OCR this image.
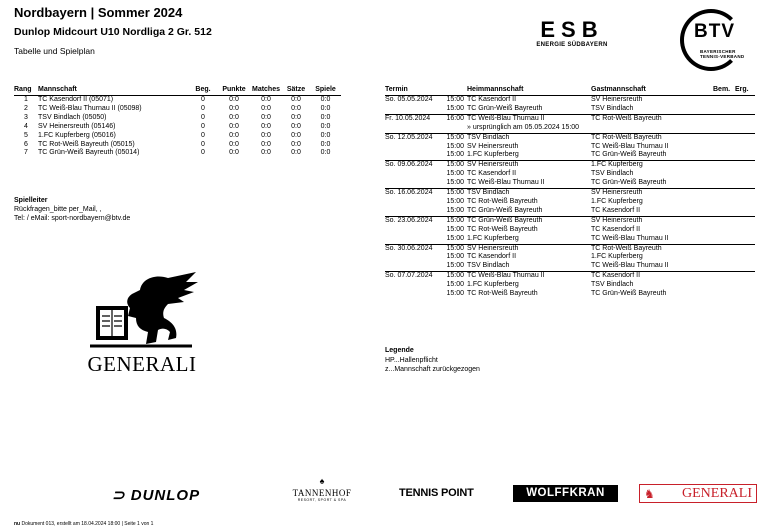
Nordbayern | Sommer 2024
Dunlop Midcourt U10 Nordliga 2 Gr. 512
Tabelle und Spielplan
ESB
ENERGIE SÜDBAYERN
BTV
BAYERISCHER
TENNIS-VERBAND
Rang	Mannschaft	Beg.	Punkte	Matches	Sätze	Spiele
1	TC Kasendorf II (05071)	0	0:0	0:0	0:0	0:0
2	TC Weiß-Blau Thurnau II (05098)	0	0:0	0:0	0:0	0:0
3	TSV Bindlach (05050)	0	0:0	0:0	0:0	0:0
4	SV Heinersreuth (05146)	0	0:0	0:0	0:0	0:0
5	1.FC Kupferberg (05016)	0	0:0	0:0	0:0	0:0
6	TC Rot-Weiß Bayreuth (05015)	0	0:0	0:0	0:0	0:0
7	TC Grün-Weiß Bayreuth (05014)	0	0:0	0:0	0:0	0:0
Spielleiter
Rückfragen_bitte per_Mail, ,
Tel: / eMail: sport-nordbayern@btv.de
GENERALI
Termin	Heimmannschaft	Gastmannschaft	Bem.	Erg.
So. 05.05.2024 15:00	TC Kasendorf II	SV Heinersreuth		

15:00	TC Grün-Weiß Bayreuth	TSV Bindlach		
Fr. 10.05.2024 16:00	TC Weiß-Blau Thurnau II	TC Rot-Weiß Bayreuth		

	» ursprünglich am 05.05.2024 15:00			
So. 12.05.2024 15:00	TSV Bindlach	TC Rot-Weiß Bayreuth		

15:00	SV Heinersreuth	TC Weiß-Blau Thurnau II		

15:00	1.FC Kupferberg	TC Grün-Weiß Bayreuth		
So. 09.06.2024 15:00	SV Heinersreuth	1.FC Kupferberg		

15:00	TC Kasendorf II	TSV Bindlach		

15:00	TC Weiß-Blau Thurnau II	TC Grün-Weiß Bayreuth		
So. 16.06.2024 15:00	TSV Bindlach	SV Heinersreuth		

15:00	TC Rot-Weiß Bayreuth	1.FC Kupferberg		

15:00	TC Grün-Weiß Bayreuth	TC Kasendorf II		
So. 23.06.2024 15:00	TC Grün-Weiß Bayreuth	SV Heinersreuth		

15:00	TC Rot-Weiß Bayreuth	TC Kasendorf II		

15:00	1.FC Kupferberg	TC Weiß-Blau Thurnau II		
So. 30.06.2024 15:00	SV Heinersreuth	TC Rot-Weiß Bayreuth		

15:00	TC Kasendorf II	1.FC Kupferberg		

15:00	TSV Bindlach	TC Weiß-Blau Thurnau II		
So. 07.07.2024 15:00	TC Weiß-Blau Thurnau II	TC Kasendorf II		

15:00	1.FC Kupferberg	TSV Bindlach		

15:00	TC Rot-Weiß Bayreuth	TC Grün-Weiß Bayreuth		
Legende
HP...Hallenpflicht
z...Mannschaft zurückgezogen
⊃ DUNLOP
♠
TANNENHOF
RESORT, SPORT & SPA
TENNIS POINT	WOLFFKRAN	♞ GENERALI
nu Dokument 013, erstellt am 18.04.2024 18:00 | Seite 1 von 1
